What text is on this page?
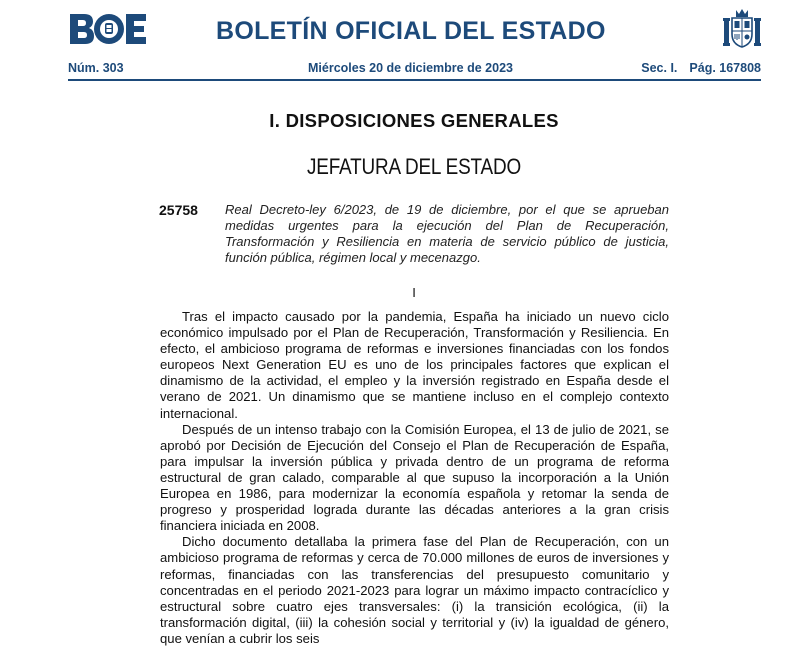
BOLETÍN OFICIAL DEL ESTADO
Núm. 303	Miércoles 20 de diciembre de 2023	Sec. I. Pág. 167808
I. DISPOSICIONES GENERALES
JEFATURA DEL ESTADO
25758 Real Decreto-ley 6/2023, de 19 de diciembre, por el que se aprueban medidas urgentes para la ejecución del Plan de Recuperación, Transformación y Resiliencia en materia de servicio público de justicia, función pública, régimen local y mecenazgo.
I

Tras el impacto causado por la pandemia, España ha iniciado un nuevo ciclo económico impulsado por el Plan de Recuperación, Transformación y Resiliencia. En efecto, el ambicioso programa de reformas e inversiones financiadas con los fondos europeos Next Generation EU es uno de los principales factores que explican el dinamismo de la actividad, el empleo y la inversión registrado en España desde el verano de 2021. Un dinamismo que se mantiene incluso en el complejo contexto internacional.

Después de un intenso trabajo con la Comisión Europea, el 13 de julio de 2021, se aprobó por Decisión de Ejecución del Consejo el Plan de Recuperación de España, para impulsar la inversión pública y privada dentro de un programa de reforma estructural de gran calado, comparable al que supuso la incorporación a la Unión Europea en 1986, para modernizar la economía española y retomar la senda de progreso y prosperidad lograda durante las décadas anteriores a la gran crisis financiera iniciada en 2008.

Dicho documento detallaba la primera fase del Plan de Recuperación, con un ambicioso programa de reformas y cerca de 70.000 millones de euros de inversiones y reformas, financiadas con las transferencias del presupuesto comunitario y concentradas en el periodo 2021-2023 para lograr un máximo impacto contracíclico y estructural sobre cuatro ejes transversales: (i) la transición ecológica, (ii) la transformación digital, (iii) la cohesión social y territorial y (iv) la igualdad de género, que venían a cubrir los seis
